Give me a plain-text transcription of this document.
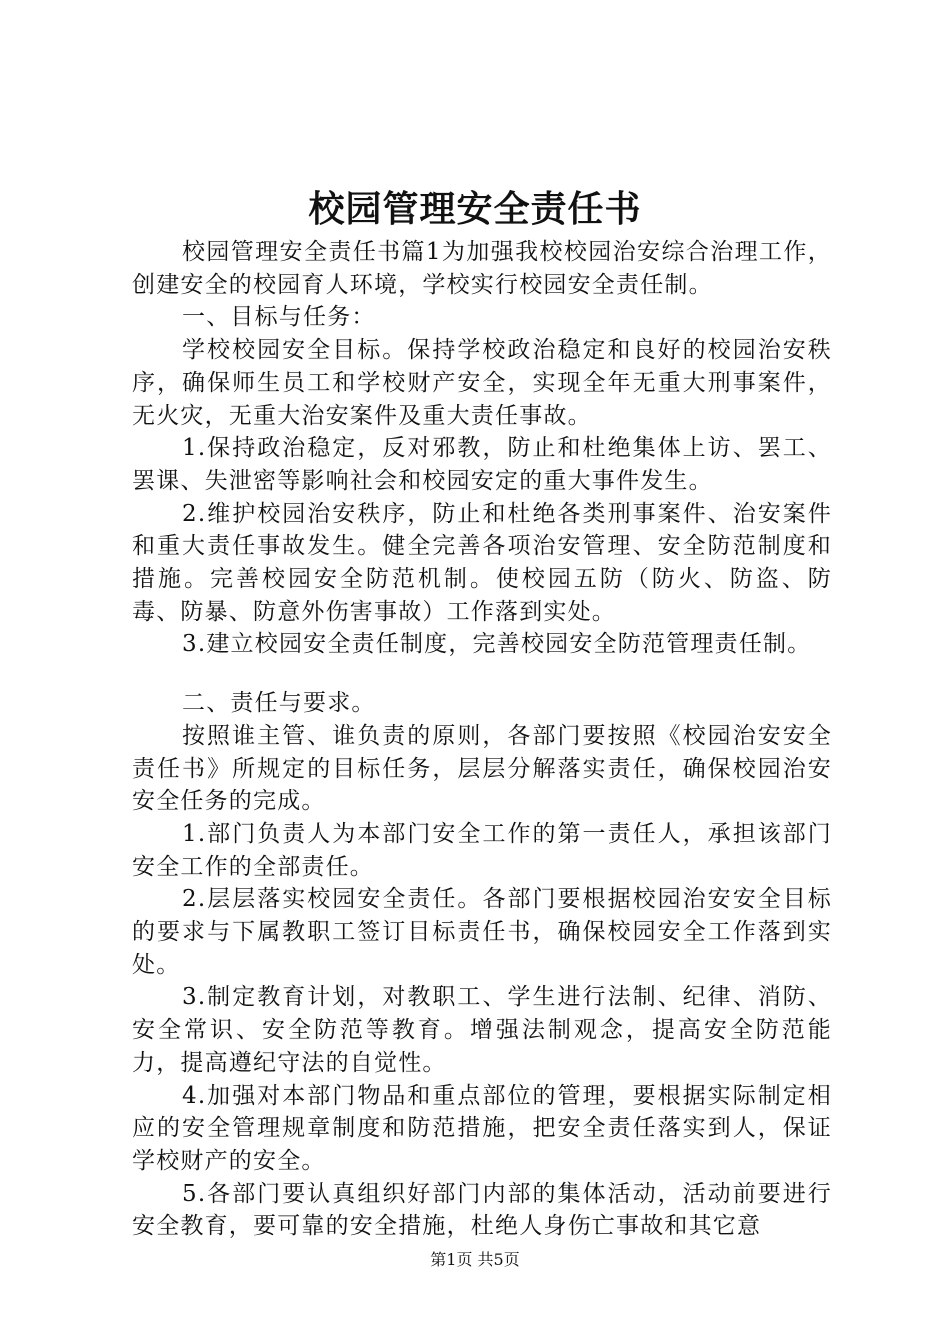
校园管理安全责任书

校园管理安全责任书篇1为加强我校校园治安综合治理工作，创建安全的校园育人环境，学校实行校园安全责任制。

一、目标与任务：

学校校园安全目标。保持学校政治稳定和良好的校园治安秩序，确保师生员工和学校财产安全，实现全年无重大刑事案件，无火灾，无重大治安案件及重大责任事故。

1.保持政治稳定，反对邪教，防止和杜绝集体上访、罢工、罢课、失泄密等影响社会和校园安定的重大事件发生。

2.维护校园治安秩序，防止和杜绝各类刑事案件、治安案件和重大责任事故发生。健全完善各项治安管理、安全防范制度和措施。完善校园安全防范机制。使校园五防（防火、防盗、防毒、防暴、防意外伤害事故）工作落到实处。

3.建立校园安全责任制度，完善校园安全防范管理责任制。

二、责任与要求。

按照谁主管、谁负责的原则，各部门要按照《校园治安安全责任书》所规定的目标任务，层层分解落实责任，确保校园治安安全任务的完成。

1.部门负责人为本部门安全工作的第一责任人，承担该部门安全工作的全部责任。

2.层层落实校园安全责任。各部门要根据校园治安安全目标的要求与下属教职工签订目标责任书，确保校园安全工作落到实处。

3.制定教育计划，对教职工、学生进行法制、纪律、消防、安全常识、安全防范等教育。增强法制观念，提高安全防范能力，提高遵纪守法的自觉性。

4.加强对本部门物品和重点部位的管理，要根据实际制定相应的安全管理规章制度和防范措施，把安全责任落实到人，保证学校财产的安全。

5.各部门要认真组织好部门内部的集体活动，活动前要进行安全教育，要可靠的安全措施，杜绝人身伤亡事故和其它意

第1页 共5页
